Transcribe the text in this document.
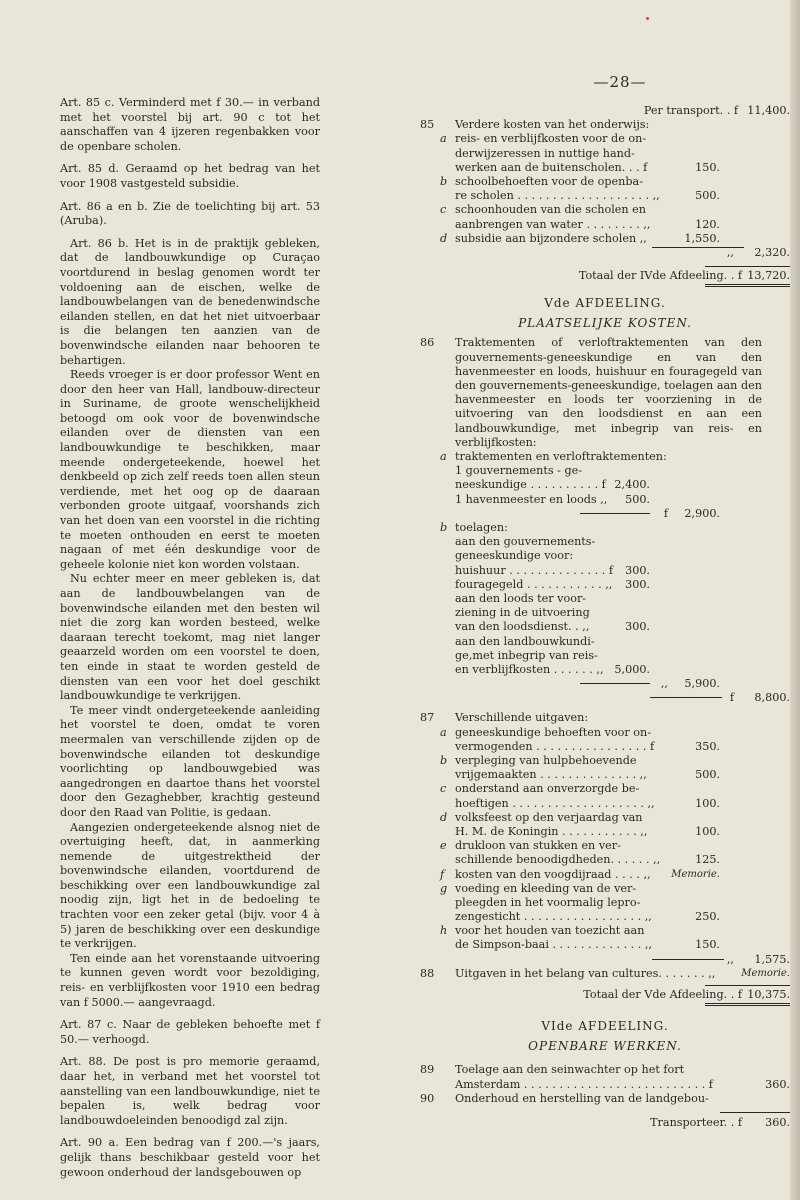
—28—

Art. 85 c. Verminderd met f 30.— in verband met het voorstel bij art. 90 c tot het aanschaffen van 4 ijzeren regenbakken voor de openbare scholen.

Art. 85 d. Geraamd op het bedrag van het voor 1908 vastgesteld subsidie.

Art. 86 a en b. Zie de toelichting bij art. 53 (Aruba).

Art. 86 b. Het is in de praktijk gebleken, dat de landbouwkundige op Curaçao voortdurend in beslag genomen wordt ter voldoening aan de eischen, welke de landbouwbelangen van de benedenwindsche eilanden stellen, en dat het niet uitvoerbaar is die belangen ten aanzien van de bovenwindsche eilanden naar behooren te behartigen.

Reeds vroeger is er door professor Went en door den heer van Hall, landbouw-directeur in Suriname, de groote wenschelijkheid betoogd om ook voor de bovenwindsche eilanden over de diensten van een landbouwkundige te beschikken, maar meende ondergeteekende, hoewel het denkbeeld op zich zelf reeds toen allen steun verdiende, met het oog op de daaraan verbonden groote uitgaaf, voorshands zich van het doen van een voorstel in die richting te moeten onthouden en eerst te moeten nagaan of met één deskundige voor de geheele kolonie niet kon worden volstaan.

Nu echter meer en meer gebleken is, dat aan de landbouwbelangen van de bovenwindsche eilanden met den besten wil niet die zorg kan worden besteed, welke daaraan terecht toekomt, mag niet langer geaarzeld worden om een voorstel te doen, ten einde in staat te worden gesteld de diensten van een voor het doel geschikt landbouwkundige te verkrijgen.

Te meer vindt ondergeteekende aanleiding het voorstel te doen, omdat te voren meermalen van verschillende zijden op de bovenwindsche eilanden tot deskundige voorlichting op landbouwgebied was aangedrongen en daartoe thans het voorstel door den Gezaghebber, krachtig gesteund door den Raad van Politie, is gedaan.

Aangezien ondergeteekende alsnog niet de overtuiging heeft, dat, in aanmerking nemende de uitgestrektheid der bovenwindsche eilanden, voortdurend de beschikking over een landbouwkundige zal noodig zijn, ligt het in de bedoeling te trachten voor een zeker getal (bijv. voor 4 à 5) jaren de beschikking over een deskundige te verkrijgen.

Ten einde aan het vorenstaande uitvoering te kunnen geven wordt voor bezoldiging, reis- en verblijfkosten voor 1910 een bedrag van f 5000.— aangevraagd.

Art. 87 c. Naar de gebleken behoefte met f 50.— verhoogd.

Art. 88. De post is pro memorie geraamd, daar het, in verband met het voorstel tot aanstelling van een landbouwkundige, niet te bepalen is, welk bedrag voor landbouwdoeleinden benoodigd zal zijn.

Art. 90 a. Een bedrag van f 200.—'s jaars, gelijk thans beschikbaar gesteld voor het gewoon onderhoud der landsgebouwen op

Per transport. . f 11,400.
85	Verdere kosten van het onderwijs:
a reis- en verblijfkosten voor de on-
derwijzeressen in nuttige hand-
werken aan de buitenscholen. . . f	150.
b schoolbehoeften voor de openba-
re scholen . . . . . . . . . . . . . . . . . . . ,,	500.
c schoonhouden van die scholen en
aanbrengen van water . . . . . . . . ,,	120.
d subsidie aan bijzondere scholen ,,	1,550.
,, 2,320.
Totaal der IVde Afdeeling. . f 13,720.
Vde AFDEELING.
PLAATSELIJKE KOSTEN.
86	Traktementen of verloftraktementen van den gouvernements-geneeskundige en van den havenmeester en loods, huishuur en fouragegeld van den gouvernements-geneeskundige, toelagen aan den havenmeester en loods ter voorziening in de uitvoering van den loodsdienst en aan een landbouwkundige, met inbegrip van reis- en verblijfkosten:
a traktementen en verloftraktementen:
1 gouvernements - ge-
neeskundige . . . . . . . . . . f 2,400.
1 havenmeester en loods ,, 500.
f 2,900.
b toelagen:
aan den gouvernements-
geneeskundige voor:
huishuur . . . . . . . . . . . . . . f 300.
fouragegeld . . . . . . . . . . . ,, 300.
aan den loods ter voor-
ziening in de uitvoering
van den loodsdienst. . ,,	300.
aan den landbouwkundi-
ge,met inbegrip van reis-
en verblijfkosten . . . . . . ,, 5,000.
,, 5,900.
f 8,800.
87	Verschillende uitgaven:
a geneeskundige behoeften voor on-
vermogenden . . . . . . . . . . . . . . . . f	350.
b verpleging van hulpbehoevende
vrijgemaakten . . . . . . . . . . . . . . ,,	500.
c onderstand aan onverzorgde be-
hoeftigen . . . . . . . . . . . . . . . . . . . ,,	100.
d volksfeest op den verjaardag van
H. M. de Koningin . . . . . . . . . . . ,,	100.
e drukloon van stukken en ver-
schillende benoodigdheden. . . . . . ,,	125.
f kosten van den voogdijraad . . . . ,, Memorie.
g voeding en kleeding van de ver-
pleegden in het voormalig lepro-
zengesticht . . . . . . . . . . . . . . . . . ,,	250.
h voor het houden van toezicht aan
de Simpson-baai . . . . . . . . . . . . . ,,	150.
,, 1,575.
88	Uitgaven in het belang van cultures. . . . . . . ,,	Memorie.
Totaal der Vde Afdeeling. . f 10,375.
VIde AFDEELING.
OPENBARE WERKEN.
89	Toelage aan den seinwachter op het fort
Amsterdam . . . . . . . . . . . . . . . . . . . . . . . . . . f	360.
90	Onderhoud en herstelling van de landgebou-
Transporteer. . f 360.
